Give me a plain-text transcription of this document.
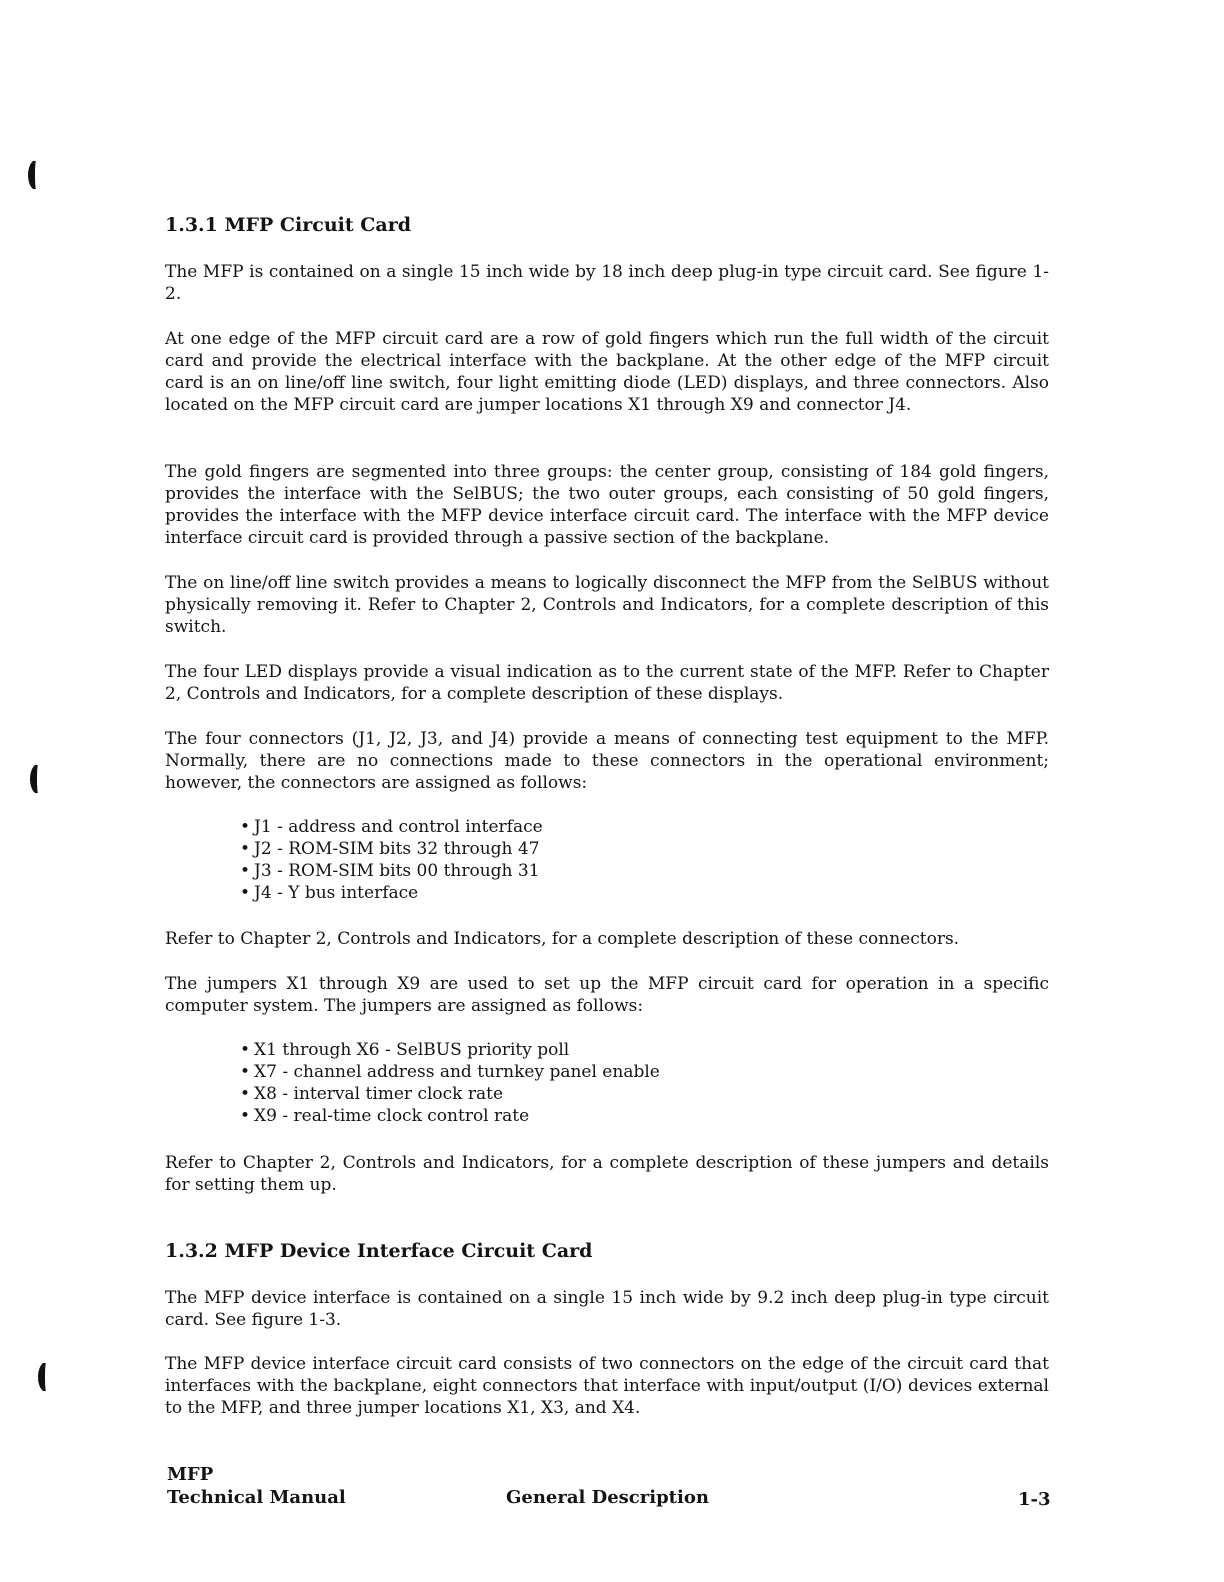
1.3.1 MFP Circuit Card

The MFP is contained on a single 15 inch wide by 18 inch deep plug-in type circuit card. See figure 1-2.

At one edge of the MFP circuit card are a row of gold fingers which run the full width of the circuit card and provide the electrical interface with the backplane. At the other edge of the MFP circuit card is an on line/off line switch, four light emitting diode (LED) displays, and three connectors. Also located on the MFP circuit card are jumper locations X1 through X9 and connector J4.

The gold fingers are segmented into three groups: the center group, consisting of 184 gold fingers, provides the interface with the SelBUS; the two outer groups, each consisting of 50 gold fingers, provides the interface with the MFP device interface circuit card. The interface with the MFP device interface circuit card is provided through a passive section of the backplane.

The on line/off line switch provides a means to logically disconnect the MFP from the SelBUS without physically removing it. Refer to Chapter 2, Controls and Indicators, for a complete description of this switch.

The four LED displays provide a visual indication as to the current state of the MFP. Refer to Chapter 2, Controls and Indicators, for a complete description of these displays.

The four connectors (J1, J2, J3, and J4) provide a means of connecting test equipment to the MFP. Normally, there are no connections made to these connectors in the operational environment; however, the connectors are assigned as follows:

• J1 - address and control interface
• J2 - ROM-SIM bits 32 through 47
• J3 - ROM-SIM bits 00 through 31
• J4 - Y bus interface

Refer to Chapter 2, Controls and Indicators, for a complete description of these connectors.

The jumpers X1 through X9 are used to set up the MFP circuit card for operation in a specific computer system. The jumpers are assigned as follows:

• X1 through X6 - SelBUS priority poll
• X7 - channel address and turnkey panel enable
• X8 - interval timer clock rate
• X9 - real-time clock control rate

Refer to Chapter 2, Controls and Indicators, for a complete description of these jumpers and details for setting them up.

1.3.2 MFP Device Interface Circuit Card

The MFP device interface is contained on a single 15 inch wide by 9.2 inch deep plug-in type circuit card. See figure 1-3.

The MFP device interface circuit card consists of two connectors on the edge of the circuit card that interfaces with the backplane, eight connectors that interface with input/output (I/O) devices external to the MFP, and three jumper locations X1, X3, and X4.

MFP

Technical Manual	General Description	1-3
